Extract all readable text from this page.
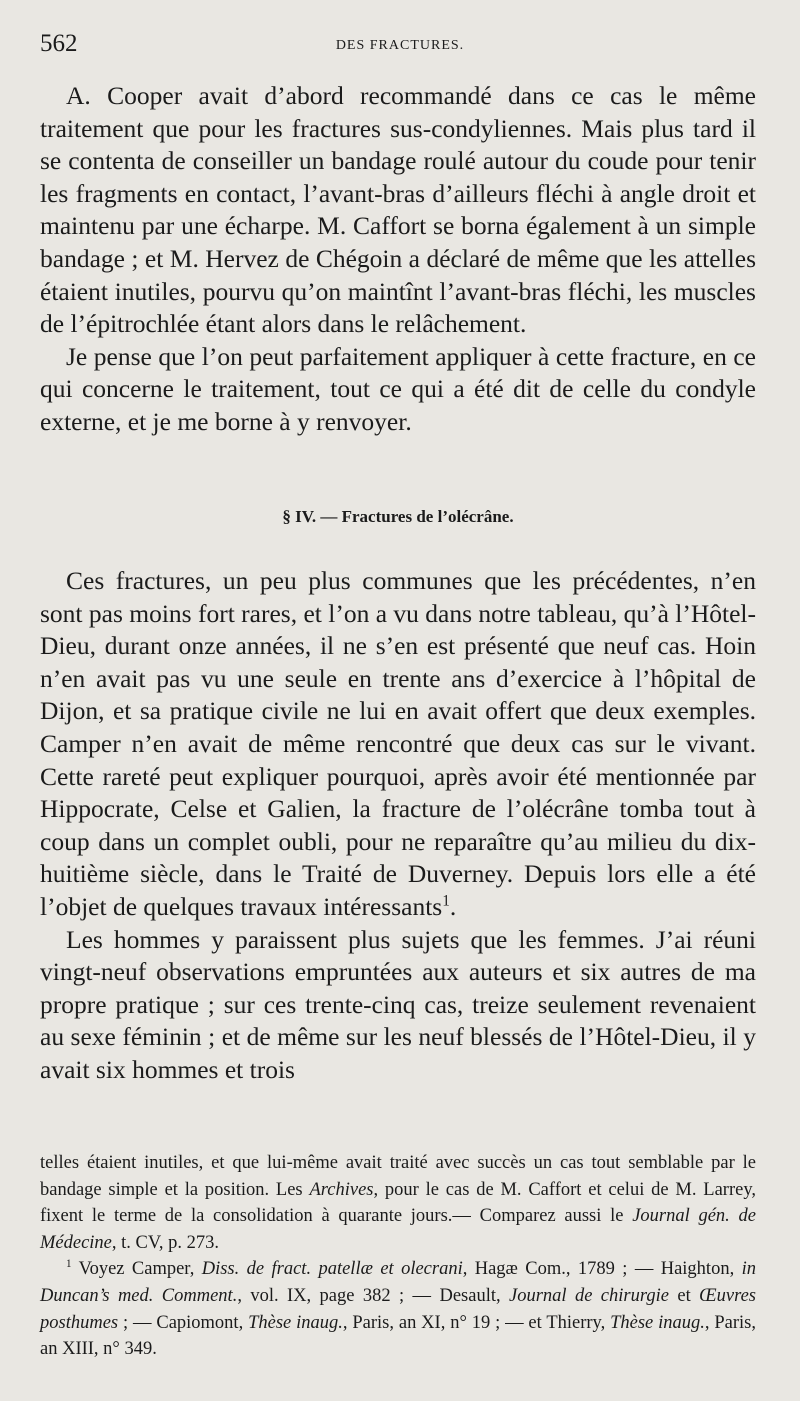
562	DES FRACTURES.

A. Cooper avait d’abord recommandé dans ce cas le même traitement que pour les fractures sus-condyliennes. Mais plus tard il se contenta de conseiller un bandage roulé autour du coude pour tenir les fragments en contact, l’avant-bras d’ailleurs fléchi à angle droit et maintenu par une écharpe. M. Caffort se borna également à un simple bandage ; et M. Hervez de Chégoin a déclaré de même que les attelles étaient inutiles, pourvu qu’on maintînt l’avant-bras fléchi, les muscles de l’épitrochlée étant alors dans le relâchement.

Je pense que l’on peut parfaitement appliquer à cette fracture, en ce qui concerne le traitement, tout ce qui a été dit de celle du condyle externe, et je me borne à y renvoyer.

§ IV. — Fractures de l’olécrâne.

Ces fractures, un peu plus communes que les précédentes, n’en sont pas moins fort rares, et l’on a vu dans notre tableau, qu’à l’Hôtel-Dieu, durant onze années, il ne s’en est présenté que neuf cas. Hoin n’en avait pas vu une seule en trente ans d’exercice à l’hôpital de Dijon, et sa pratique civile ne lui en avait offert que deux exemples. Camper n’en avait de même rencontré que deux cas sur le vivant. Cette rareté peut expliquer pourquoi, après avoir été mentionnée par Hippocrate, Celse et Galien, la fracture de l’olécrâne tomba tout à coup dans un complet oubli, pour ne reparaître qu’au milieu du dix-huitième siècle, dans le Traité de Duverney. Depuis lors elle a été l’objet de quelques travaux intéressants$^1$.

Les hommes y paraissent plus sujets que les femmes. J’ai réuni vingt-neuf observations empruntées aux auteurs et six autres de ma propre pratique ; sur ces trente-cinq cas, treize seulement revenaient au sexe féminin ; et de même sur les neuf blessés de l’Hôtel-Dieu, il y avait six hommes et trois

telles étaient inutiles, et que lui-même avait traité avec succès un cas tout semblable par le bandage simple et la position. Les Archives, pour le cas de M. Caffort et celui de M. Larrey, fixent le terme de la consolidation à quarante jours.— Comparez aussi le Journal gén. de Médecine, t. CV, p. 273.

$^1$ Voyez Camper, Diss. de fract. patellæ et olecrani, Hagæ Com., 1789 ; — Haighton, in Duncan’s med. Comment., vol. IX, page 382 ; — Desault, Journal de chirurgie et Œuvres posthumes ; — Capiomont, Thèse inaug., Paris, an XI, n° 19 ; — et Thierry, Thèse inaug., Paris, an XIII, n° 349.
